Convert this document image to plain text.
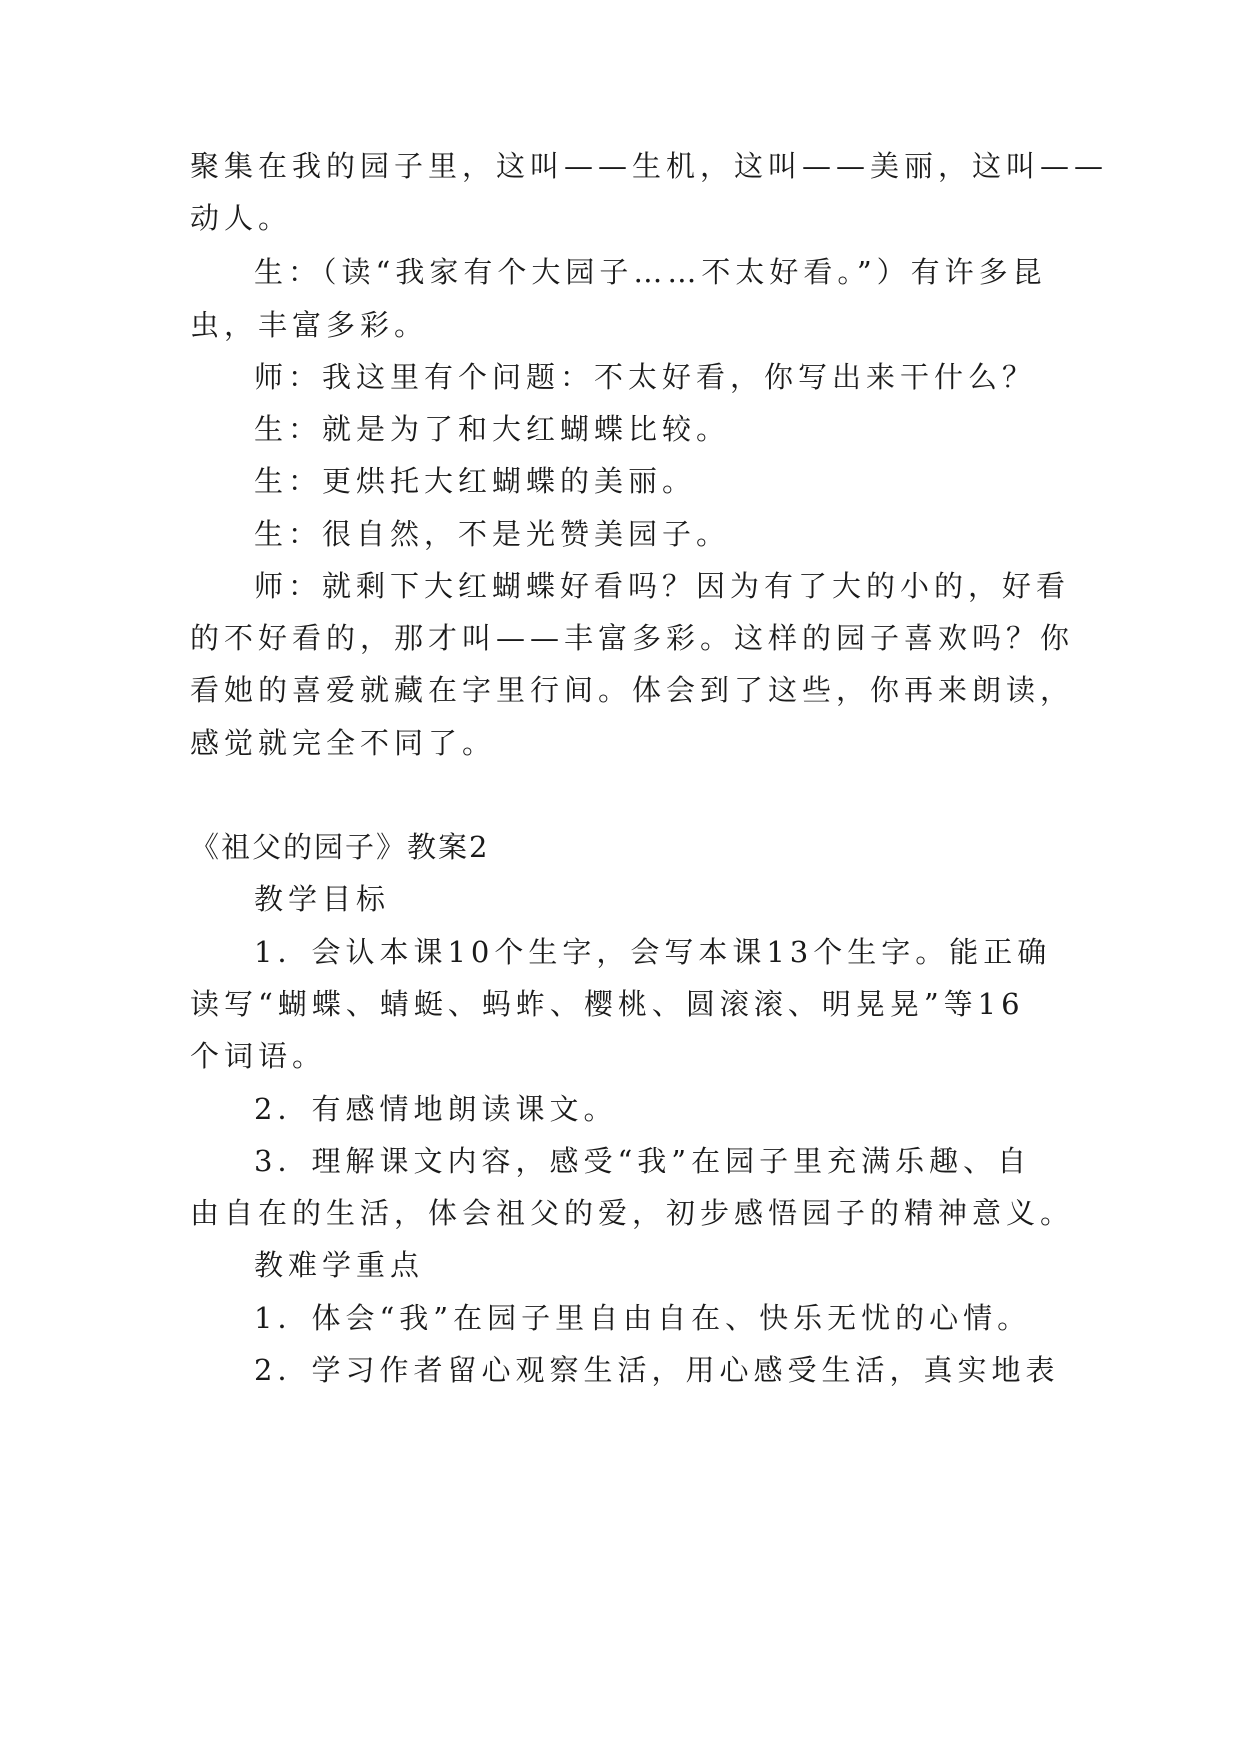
聚集在我的园子里，这叫——生机，这叫——美丽，这叫——

动人。

生：（读“我家有个大园子……不太好看。”）有许多昆

虫，丰富多彩。

师：我这里有个问题：不太好看，你写出来干什么？

生：就是为了和大红蝴蝶比较。

生：更烘托大红蝴蝶的美丽。

生：很自然，不是光赞美园子。

师：就剩下大红蝴蝶好看吗？因为有了大的小的，好看

的不好看的，那才叫——丰富多彩。这样的园子喜欢吗？你

看她的喜爱就藏在字里行间。体会到了这些，你再来朗读，

感觉就完全不同了。

《祖父的园子》教案2

教学目标

1．会认本课10个生字，会写本课13个生字。能正确

读写“蝴蝶、蜻蜓、蚂蚱、樱桃、圆滚滚、明晃晃”等16

个词语。

2．有感情地朗读课文。

3．理解课文内容，感受“我”在园子里充满乐趣、自

由自在的生活，体会祖父的爱，初步感悟园子的精神意义。

教难学重点

1．体会“我”在园子里自由自在、快乐无忧的心情。

2．学习作者留心观察生活，用心感受生活，真实地表
